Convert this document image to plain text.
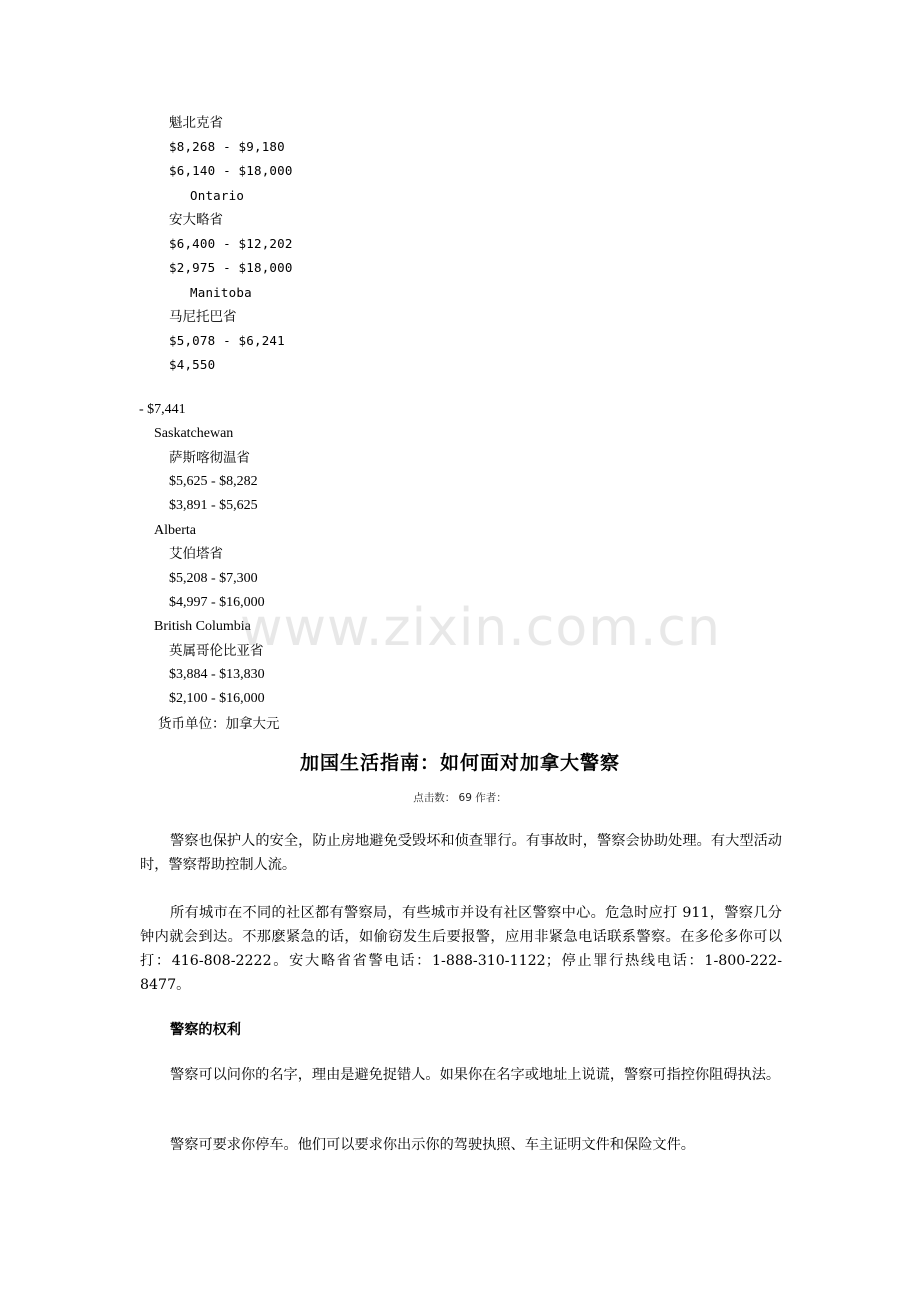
魁北克省
$8,268 - $9,180
$6,140 - $18,000
Ontario
安大略省
$6,400 - $12,202
$2,975 - $18,000
Manitoba
马尼托巴省
$5,078 - $6,241
$4,550
- $7,441
Saskatchewan
萨斯喀彻温省
$5,625 - $8,282
$3,891 - $5,625
Alberta
艾伯塔省
$5,208 - $7,300
$4,997 - $16,000
British Columbia
英属哥伦比亚省
$3,884 - $13,830
$2,100 - $16,000
货币单位：加拿大元
www.zixin.com.cn
加国生活指南：如何面对加拿大警察
点击数： 69 作者：
警察也保护人的安全，防止房地避免受毁坏和侦查罪行。有事故时，警察会协助处理。有大型活动时，警察帮助控制人流。
所有城市在不同的社区都有警察局，有些城市并设有社区警察中心。危急时应打 911，警察几分钟内就会到达。不那麽紧急的话，如偷窃发生后要报警，应用非紧急电话联系警察。在多伦多你可以打：416-808-2222。安大略省省警电话：1-888-310-1122；停止罪行热线电话：1-800-222-8477。
警察的权利
警察可以问你的名字，理由是避免捉错人。如果你在名字或地址上说谎，警察可指控你阻碍执法。
警察可要求你停车。他们可以要求你出示你的驾驶执照、车主证明文件和保险文件。
